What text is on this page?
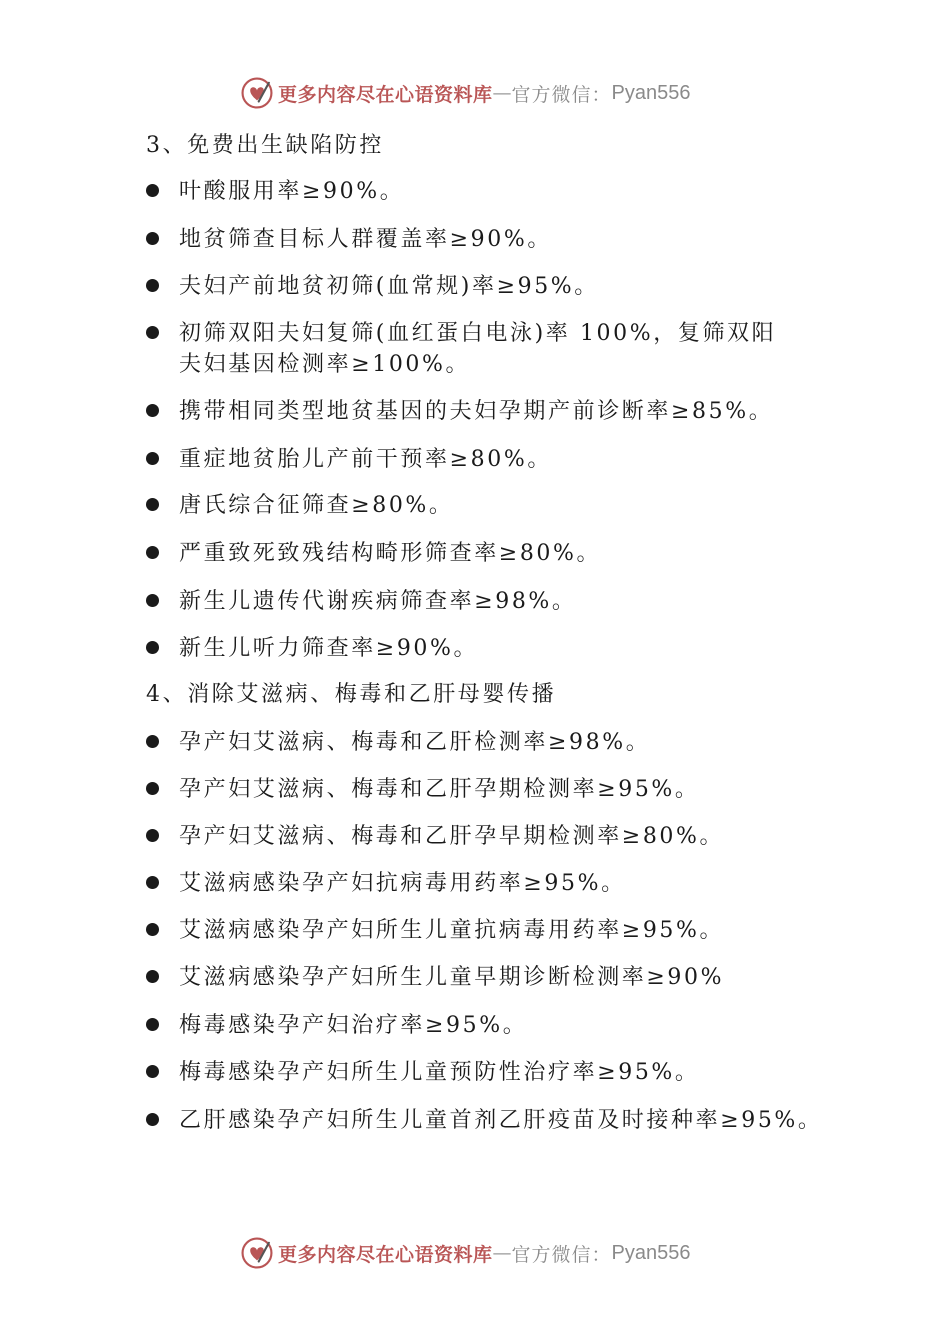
更多内容尽在心语资料库 — 官方微信： Pyan556
3、免费出生缺陷防控
叶酸服用率≥90%。
地贫筛查目标人群覆盖率≥90%。
夫妇产前地贫初筛(血常规)率≥95%。
初筛双阳夫妇复筛(血红蛋白电泳)率 100%，复筛双阳
夫妇基因检测率≥100%。
携带相同类型地贫基因的夫妇孕期产前诊断率≥85%。
重症地贫胎儿产前干预率≥80%。
唐氏综合征筛查≥80%。
严重致死致残结构畸形筛查率≥80%。
新生儿遗传代谢疾病筛查率≥98%。
新生儿听力筛查率≥90%。
4、消除艾滋病、梅毒和乙肝母婴传播
孕产妇艾滋病、梅毒和乙肝检测率≥98%。
孕产妇艾滋病、梅毒和乙肝孕期检测率≥95%。
孕产妇艾滋病、梅毒和乙肝孕早期检测率≥80%。
艾滋病感染孕产妇抗病毒用药率≥95%。
艾滋病感染孕产妇所生儿童抗病毒用药率≥95%。
艾滋病感染孕产妇所生儿童早期诊断检测率≥90%
梅毒感染孕产妇治疗率≥95%。
梅毒感染孕产妇所生儿童预防性治疗率≥95%。
乙肝感染孕产妇所生儿童首剂乙肝疫苗及时接种率≥95%。
更多内容尽在心语资料库 — 官方微信： Pyan556
